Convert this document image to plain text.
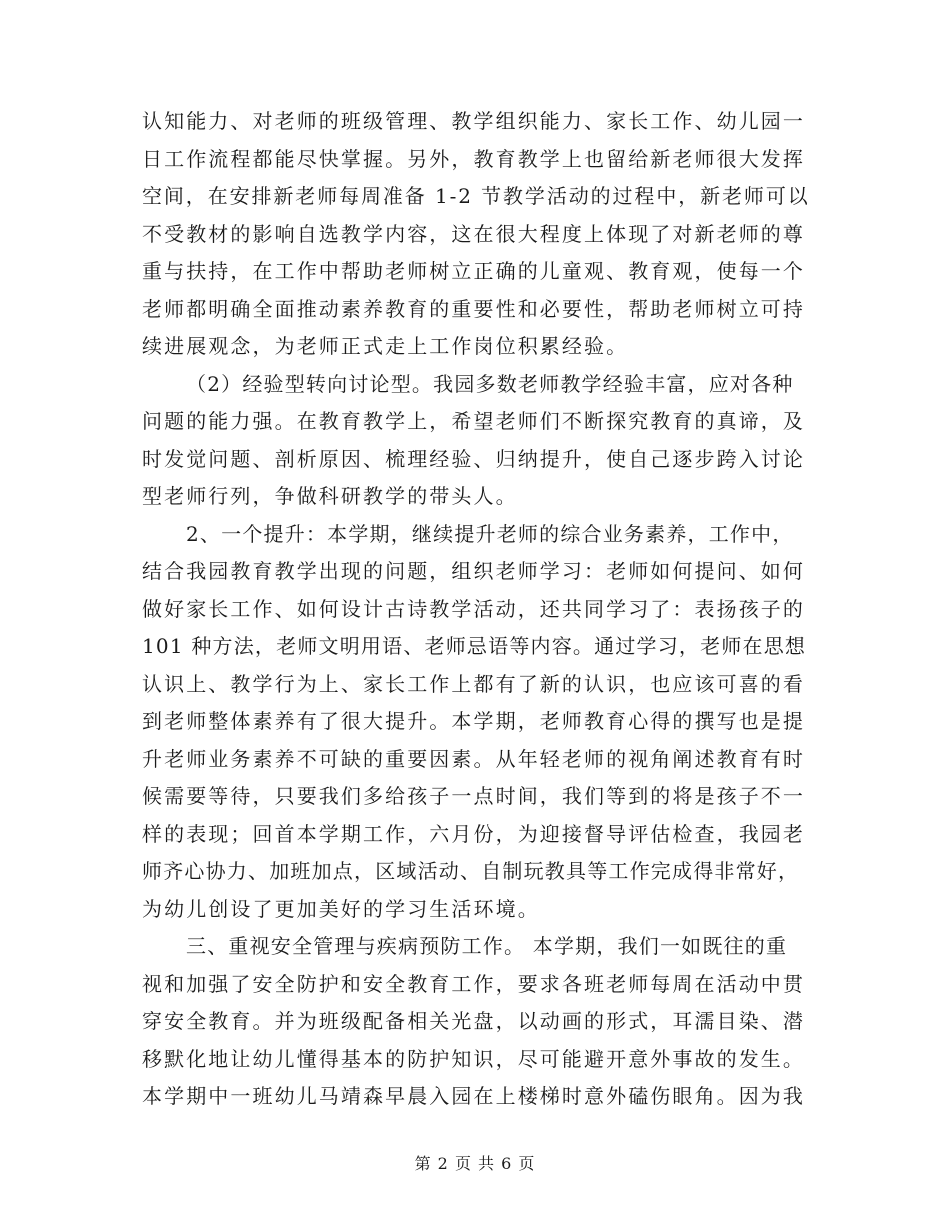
认知能力、对老师的班级管理、教学组织能力、家长工作、幼儿园一
日工作流程都能尽快掌握。另外，教育教学上也留给新老师很大发挥
空间，在安排新老师每周准备 1-2 节教学活动的过程中，新老师可以
不受教材的影响自选教学内容，这在很大程度上体现了对新老师的尊
重与扶持，在工作中帮助老师树立正确的儿童观、教育观，使每一个
老师都明确全面推动素养教育的重要性和必要性，帮助老师树立可持
续进展观念，为老师正式走上工作岗位积累经验。
（2）经验型转向讨论型。我园多数老师教学经验丰富，应对各种
问题的能力强。在教育教学上，希望老师们不断探究教育的真谛，及
时发觉问题、剖析原因、梳理经验、归纳提升，使自己逐步跨入讨论
型老师行列，争做科研教学的带头人。
2、一个提升：本学期，继续提升老师的综合业务素养，工作中，
结合我园教育教学出现的问题，组织老师学习：老师如何提问、如何
做好家长工作、如何设计古诗教学活动，还共同学习了：表扬孩子的
101 种方法，老师文明用语、老师忌语等内容。通过学习，老师在思想
认识上、教学行为上、家长工作上都有了新的认识，也应该可喜的看
到老师整体素养有了很大提升。本学期，老师教育心得的撰写也是提
升老师业务素养不可缺的重要因素。从年轻老师的视角阐述教育有时
候需要等待，只要我们多给孩子一点时间，我们等到的将是孩子不一
样的表现；回首本学期工作，六月份，为迎接督导评估检查，我园老
师齐心协力、加班加点，区域活动、自制玩教具等工作完成得非常好，
为幼儿创设了更加美好的学习生活环境。
三、重视安全管理与疾病预防工作。 本学期，我们一如既往的重
视和加强了安全防护和安全教育工作，要求各班老师每周在活动中贯
穿安全教育。并为班级配备相关光盘，以动画的形式，耳濡目染、潜
移默化地让幼儿懂得基本的防护知识，尽可能避开意外事故的发生。
本学期中一班幼儿马靖森早晨入园在上楼梯时意外磕伤眼角。因为我
第 2 页 共 6 页
